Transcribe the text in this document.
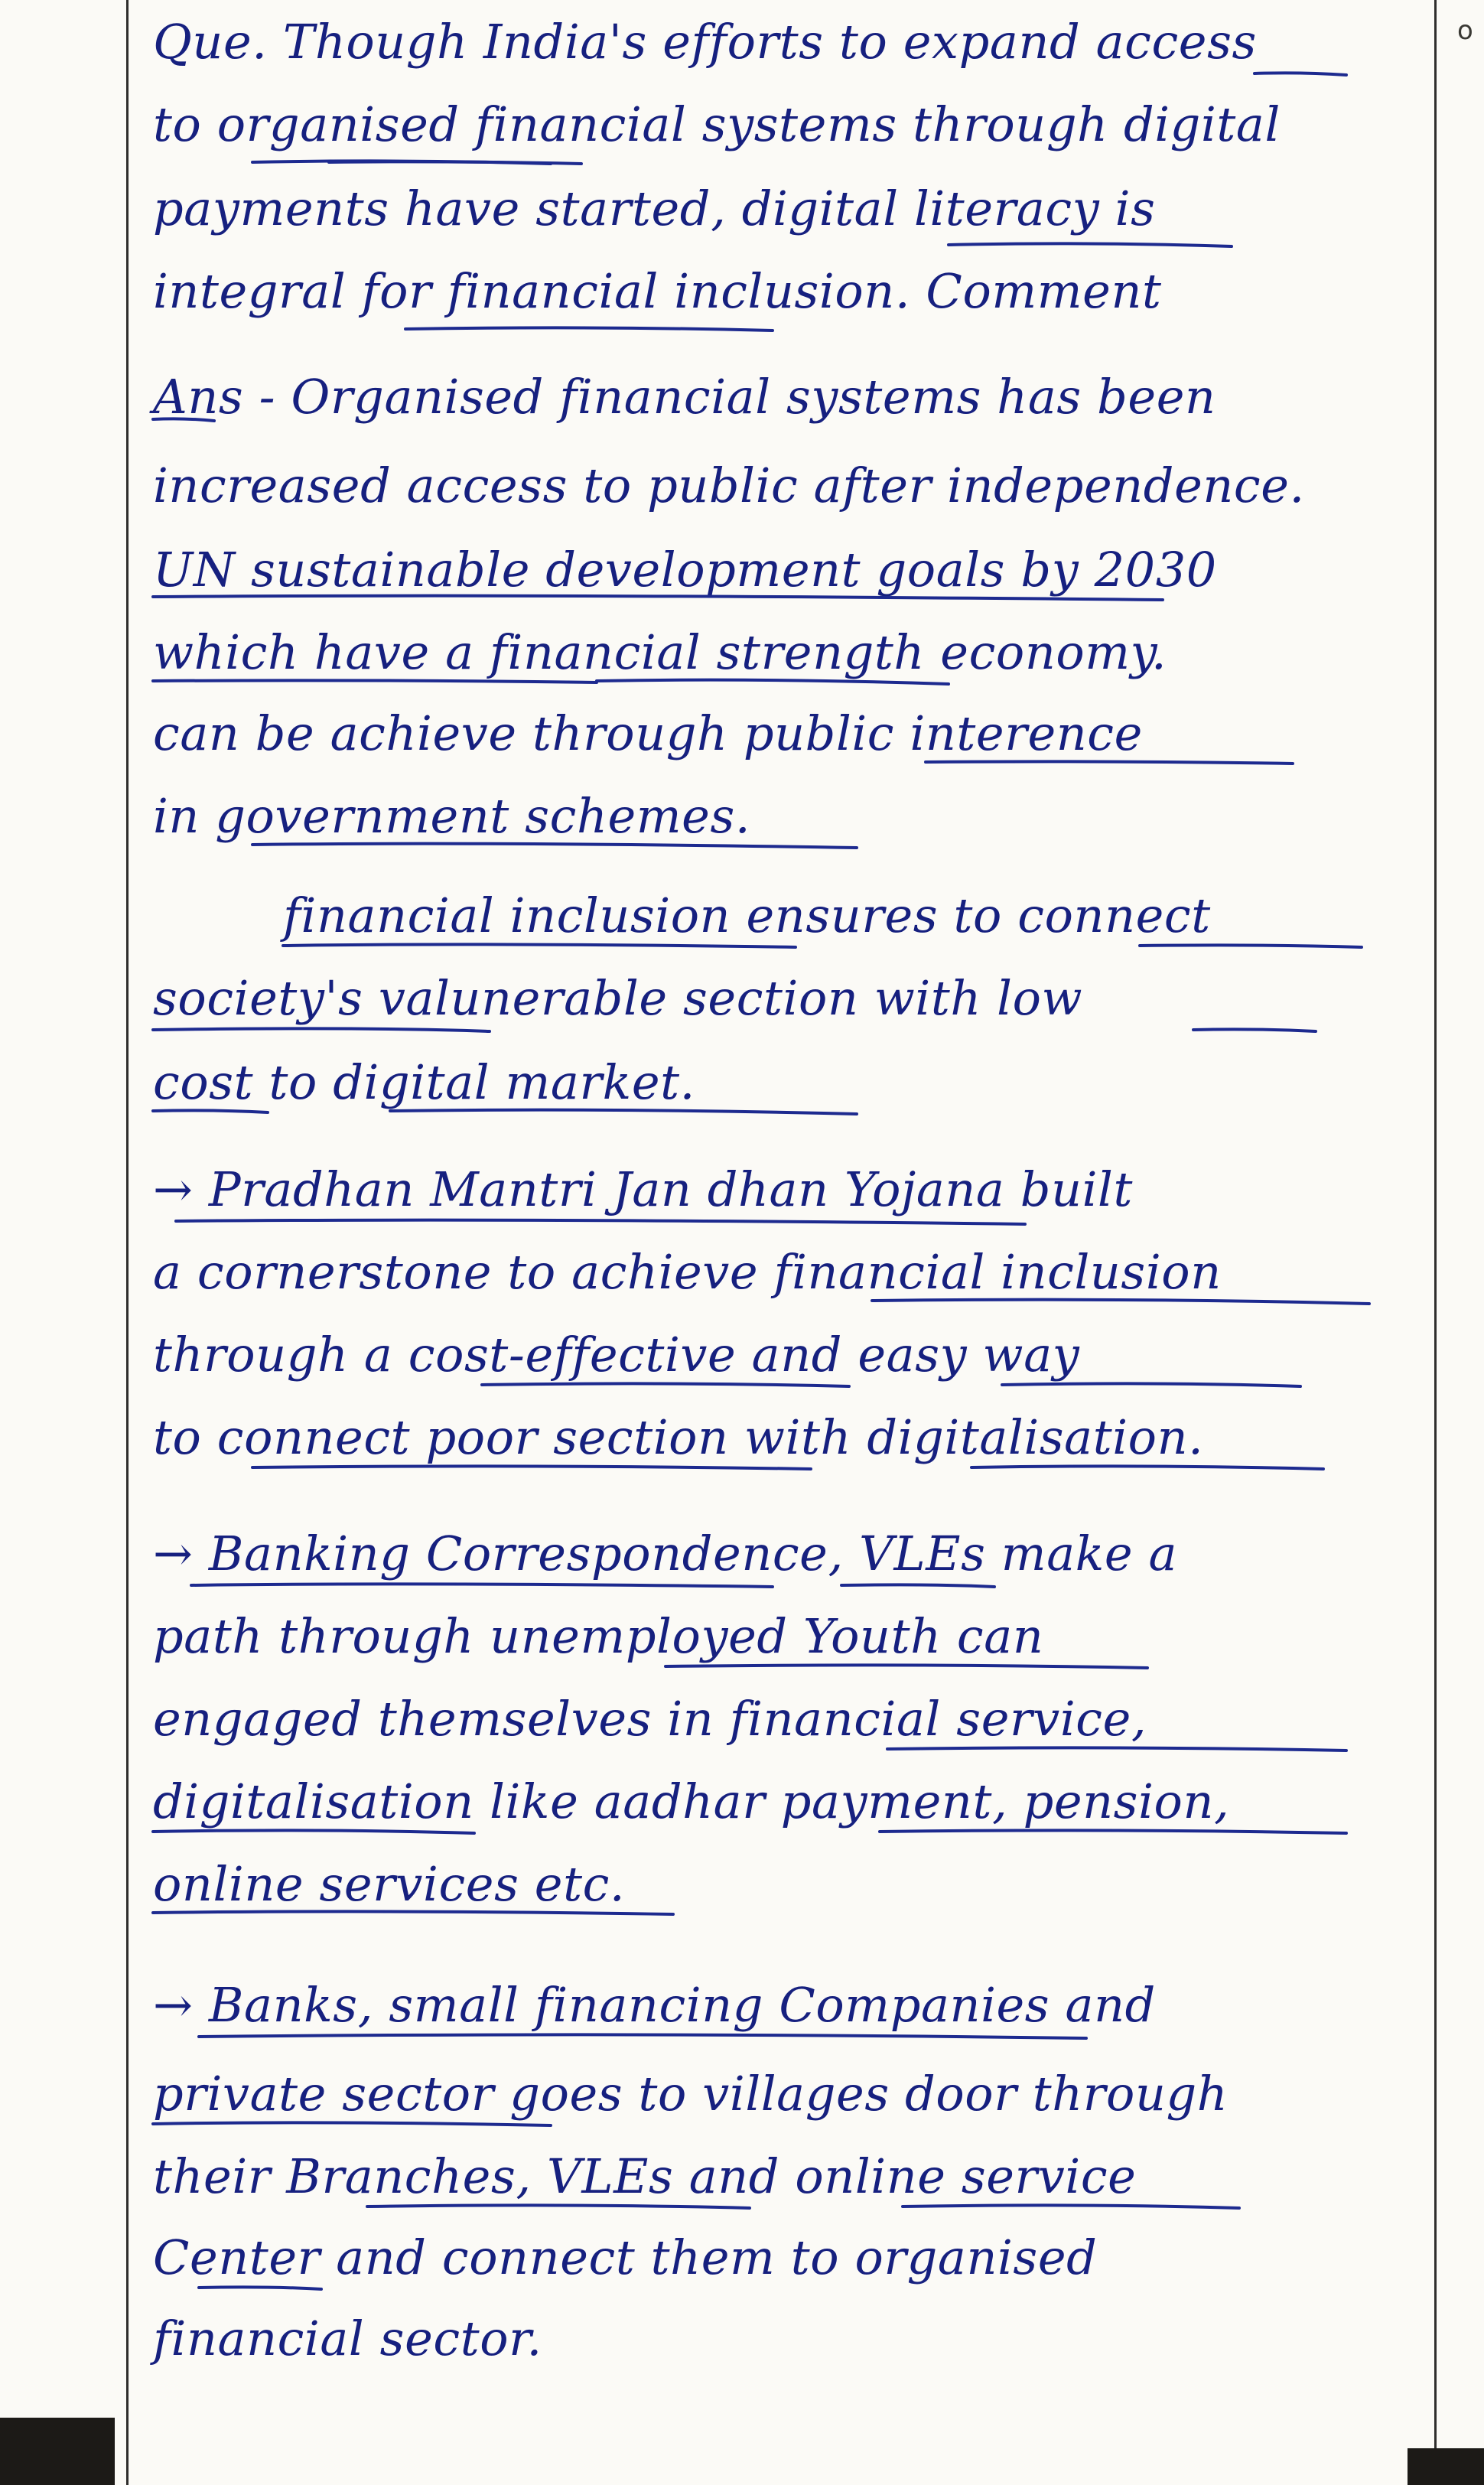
o

Que. Though India's efforts to expand access

to organised financial systems through digital

payments have started, digital literacy is

integral for financial inclusion. Comment

Ans - Organised financial systems has been

increased access to public after independence.

UN sustainable development goals by 2030

which have a financial strength economy.

can be achieve through public interence

in government schemes.

financial inclusion ensures to connect

society's valunerable section with low

cost to digital market.

→ Pradhan Mantri Jan dhan Yojana built

a cornerstone to achieve financial inclusion

through a cost-effective and easy way

to connect poor section with digitalisation.

→ Banking Correspondence, VLEs make a

path through unemployed Youth can

engaged themselves in financial service,

digitalisation like aadhar payment, pension,

online services etc.

→ Banks, small financing Companies and

private sector goes to villages door through

their Branches, VLEs and online service

Center and connect them to organised

financial sector.
